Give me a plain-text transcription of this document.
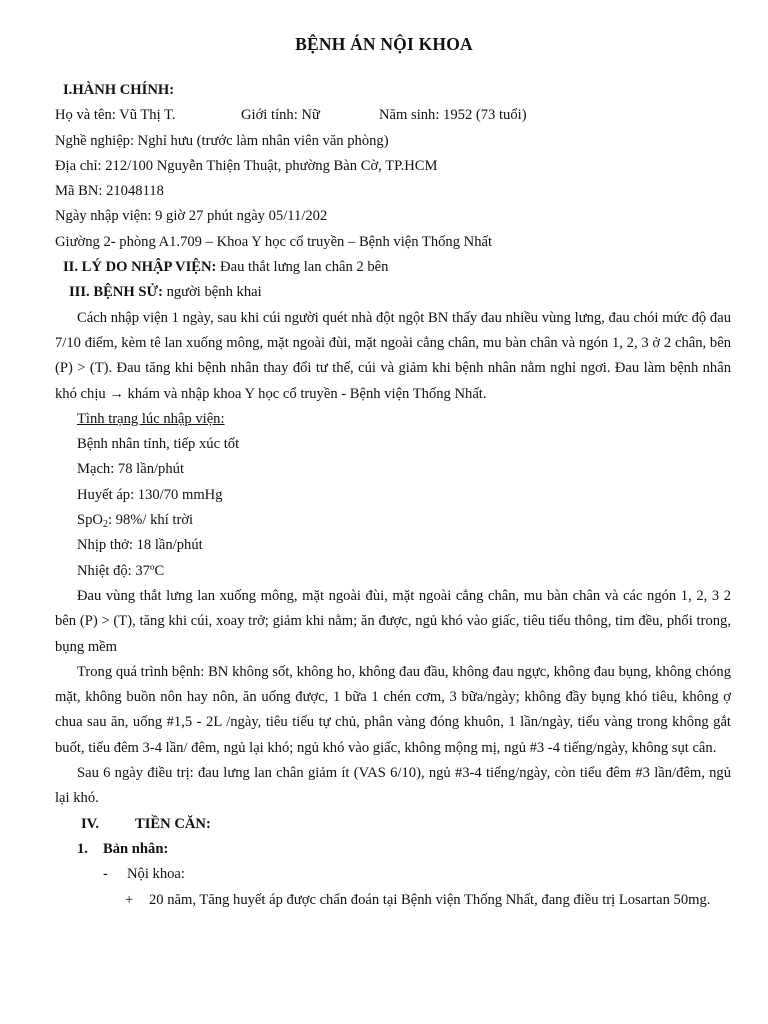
BỆNH ÁN NỘI KHOA
I.HÀNH CHÍNH:
Họ và tên: Vũ Thị T.	Giới tính: Nữ	Năm sinh: 1952 (73 tuổi)
Nghề nghiệp: Nghỉ hưu (trước làm nhân viên văn phòng)
Địa chỉ: 212/100 Nguyễn Thiện Thuật, phường Bàn Cờ, TP.HCM
Mã BN: 21048118
Ngày nhập viện: 9 giờ 27 phút ngày 05/11/202
Giường 2- phòng A1.709 – Khoa Y học cổ truyền – Bệnh viện Thống Nhất
II. LÝ DO NHẬP VIỆN: Đau thắt lưng lan chân 2 bên
III. BỆNH SỬ: người bệnh khai

Cách nhập viện 1 ngày, sau khi cúi người quét nhà đột ngột BN thấy đau nhiều vùng lưng, đau chói mức độ đau 7/10 điểm, kèm tê lan xuống mông, mặt ngoài đùi, mặt ngoài cẳng chân, mu bàn chân và ngón 1, 2, 3 ở 2 chân, bên (P) > (T). Đau tăng khi bệnh nhân thay đổi tư thế, cúi và giảm khi bệnh nhân nằm nghỉ ngơi. Đau làm bệnh nhân khó chịu → khám và nhập khoa Y học cổ truyền - Bệnh viện Thống Nhất.

Tình trạng lúc nhập viện:
Bệnh nhân tỉnh, tiếp xúc tốt
Mạch: 78 lần/phút
Huyết áp: 130/70 mmHg
SpO$_2$: 98%/ khí trời
Nhịp thở: 18 lần/phút
Nhiệt độ: 37ºC

Đau vùng thắt lưng lan xuống mông, mặt ngoài đùi, mặt ngoài cẳng chân, mu bàn chân và các ngón 1, 2, 3 2 bên (P) > (T), tăng khi cúi, xoay trở; giảm khi nằm; ăn được, ngủ khó vào giấc, tiêu tiểu thông, tim đều, phổi trong, bụng mềm

Trong quá trình bệnh: BN không sốt, không ho, không đau đầu, không đau ngực, không đau bụng, không chóng mặt, không buồn nôn hay nôn, ăn uống được, 1 bữa 1 chén cơm, 3 bữa/ngày; không đầy bụng khó tiêu, không ợ chua sau ăn, uống #1,5 - 2L /ngày, tiêu tiểu tự chủ, phân vàng đóng khuôn, 1 lần/ngày, tiểu vàng trong không gắt buốt, tiểu đêm 3-4 lần/ đêm, ngủ lại khó; ngủ khó vào giấc, không mộng mị, ngủ #3 -4 tiếng/ngày, không sụt cân.

Sau 6 ngày điều trị: đau lưng lan chân giảm ít (VAS 6/10), ngủ #3-4 tiếng/ngày, còn tiểu đêm #3 lần/đêm, ngủ lại khó.

IV. TIỀN CĂN:
1. Bản nhân:
- Nội khoa:
+	20 năm, Tăng huyết áp được chẩn đoán tại Bệnh viện Thống Nhất, đang điều trị Losartan 50mg.
